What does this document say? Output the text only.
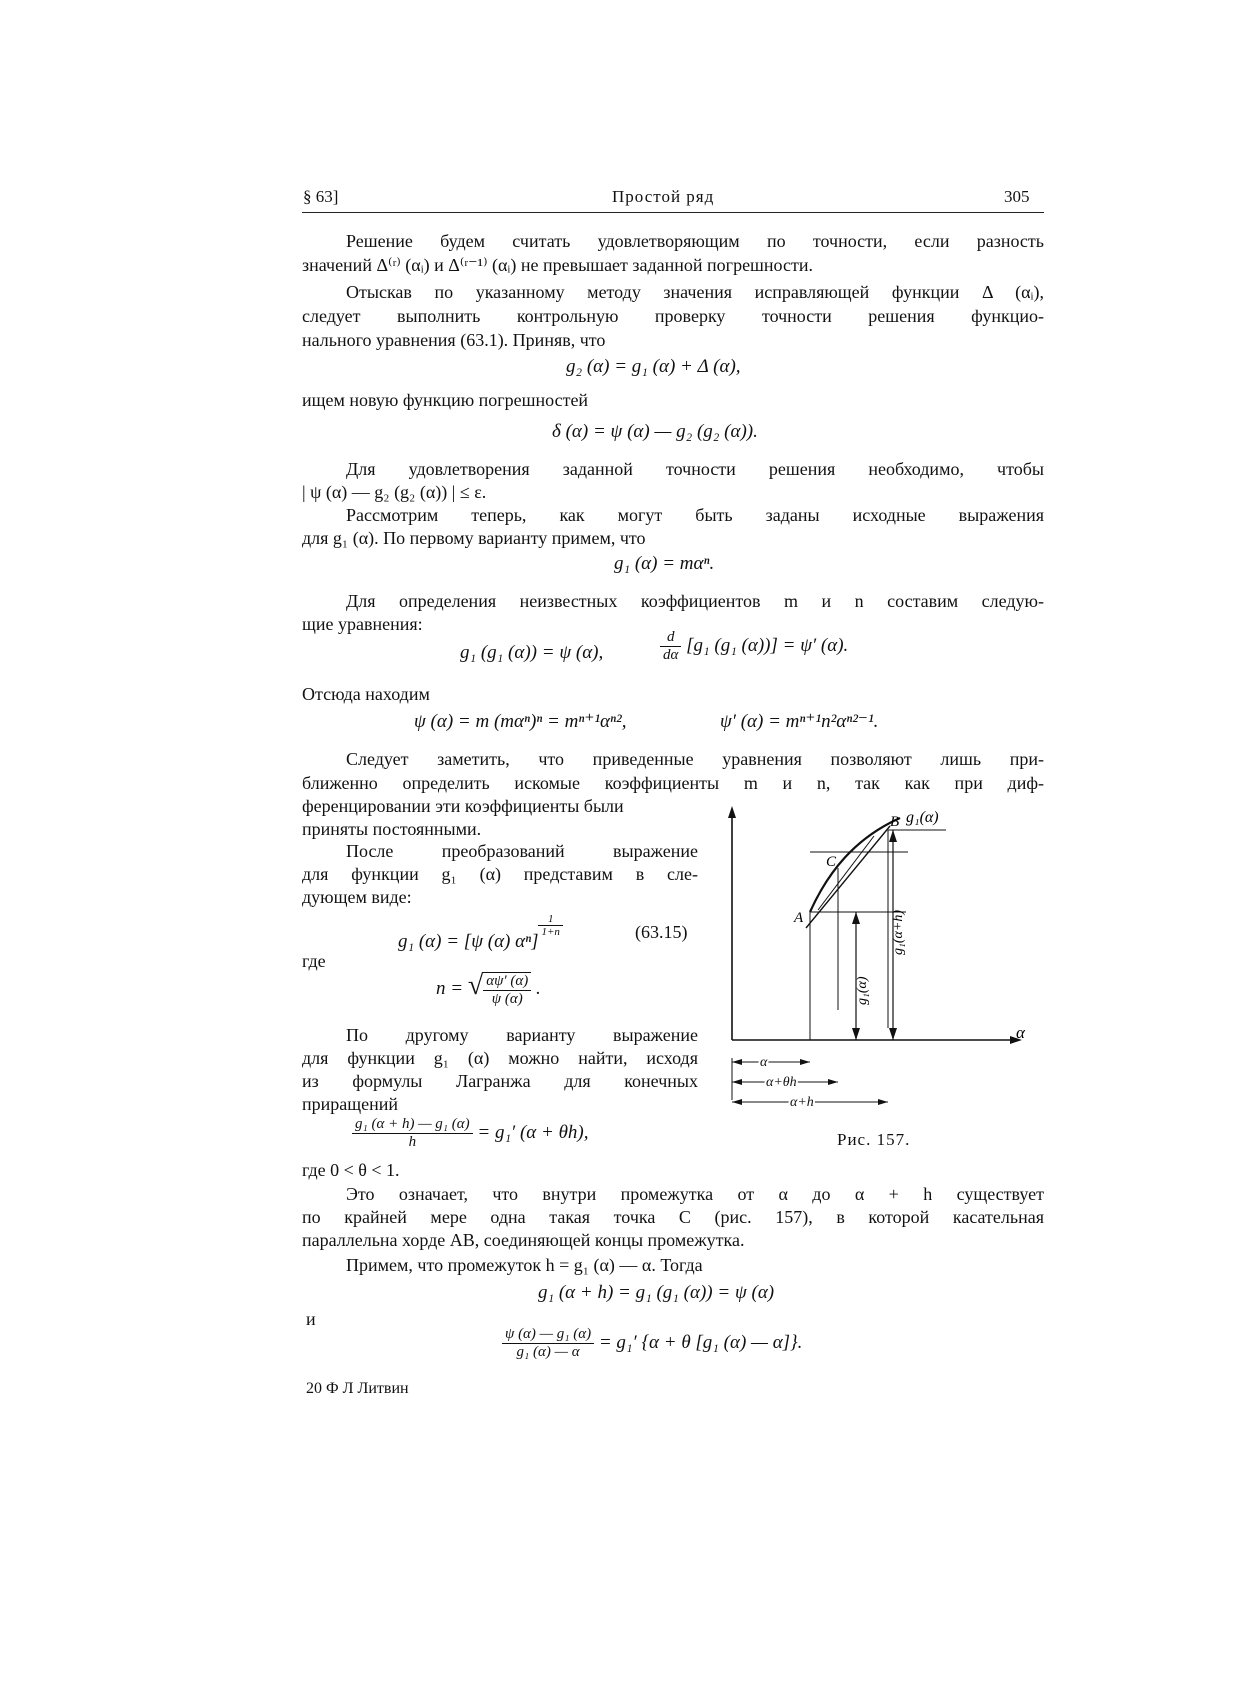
§ 63]	Простой ряд	305
Решение будем считать удовлетворяющим по точности, если разность
значений Δ⁽ʳ⁾ (αᵢ) и Δ⁽ʳ⁻¹⁾ (αᵢ) не превышает заданной погрешности.
Отыскав по указанному методу значения исправляющей функции Δ (αᵢ),
следует выполнить контрольную проверку точности решения функцио-
нального уравнения (63.1). Приняв, что
g₂ (α) = g₁ (α) + Δ (α),
ищем новую функцию погрешностей
δ (α) = ψ (α) — g₂ (g₂ (α)).
Для удовлетворения заданной точности решения необходимо, чтобы
| ψ (α) — g₂ (g₂ (α)) | ≤ ε.
Рассмотрим теперь, как могут быть заданы исходные выражения
для g₁ (α). По первому варианту примем, что
g₁ (α) = mαⁿ.
Для определения неизвестных коэффициентов m и n составим следую-
щие уравнения:
g₁ (g₁ (α)) = ψ (α),	$\frac{d}{d\alpha} [g_1$ (g₁ (α))] = ψ′ (α).
Отсюда находим
ψ (α) = m (mαⁿ)ⁿ = mⁿ⁺¹αⁿ²,	ψ′ (α) = mⁿ⁺¹n²αⁿ²⁻¹.
Следует заметить, что приведенные уравнения позволяют лишь при-
ближенно определить искомые коэффициенты m и n, так как при диф-
ференцировании эти коэффициенты были
приняты постоянными.
После преобразований выражение
для функции g₁ (α) представим в сле-
дующем виде:
g₁ (α) = [ψ (α) αⁿ]
$\frac{1}{1+n}$	(63.15)
где
n = √ $\frac{\alpha\psi' (\alpha)}{\psi (\alpha)}$ .
По другому варианту выражение
для функции g₁ (α) можно найти, исходя
из формулы Лагранжа для конечных
приращений
$\frac{\text{g₁ (α + h) — g₁ (α)}}{h} = g_1'$ (α + θh),
где 0 < θ < 1.
Это означает, что внутри промежутка от α до α + h существует
по крайней мере одна такая точка C (рис. 157), в которой касательная
параллельна хорде AB, соединяющей концы промежутка.
Примем, что промежуток h = g₁ (α) — α. Тогда
g₁ (α + h) = g₁ (g₁ (α)) = ψ (α)
и
$\frac{\text{ψ (α) — g₁ (α)}}{\text{g₁ (α) — α}} = g_1'$ {α + θ [g₁ (α) — α]}.
20 Ф Л Литвин
α
g₁(α)
A
B
C
g₁(α)
g₁(α+h)
α
α+θh
α+h
Рис. 157.
